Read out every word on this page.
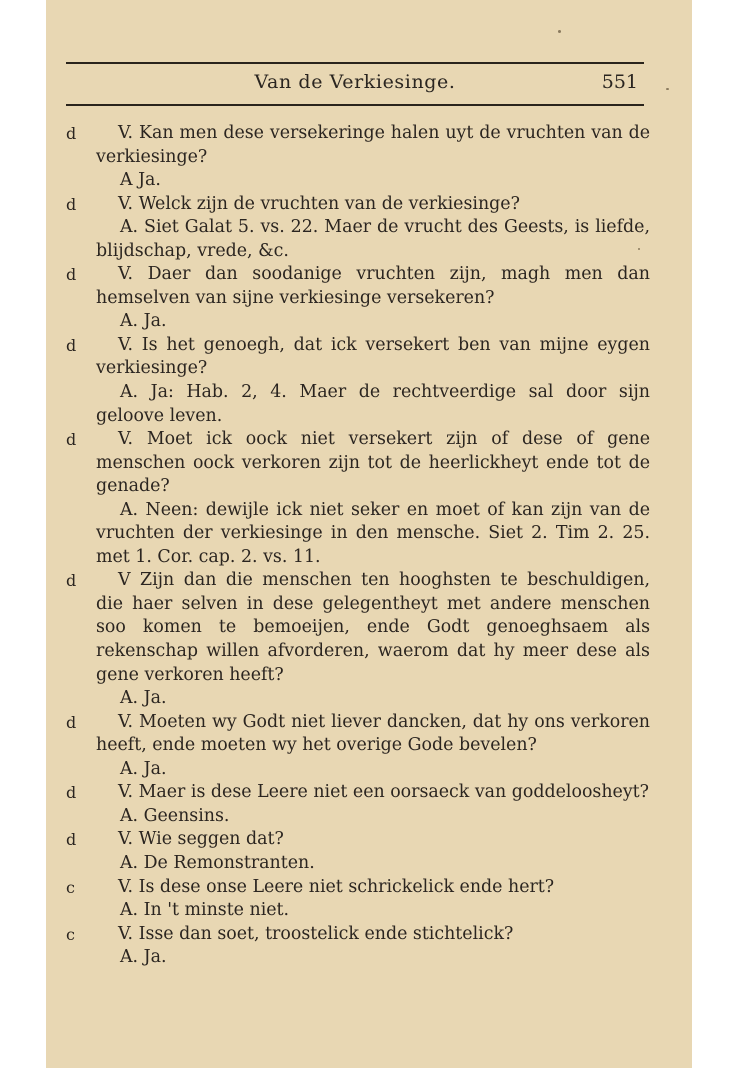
Van de Verkiesinge.	551
d	V. Kan men dese versekeringe halen uyt de vruchten van de verkiesinge?

A Ja.

d	V. Welck zijn de vruchten van de verkiesinge?

A. Siet Galat 5. vs. 22. Maer de vrucht des Geests, is liefde, blijdschap, vrede, &c.

d	V. Daer dan soodanige vruchten zijn, magh men dan hemselven van sijne verkiesinge versekeren?

A. Ja.

d	V. Is het genoegh, dat ick versekert ben van mijne eygen verkiesinge?

A. Ja: Hab. 2, 4. Maer de rechtveerdige sal door sijn geloove leven.

d	V. Moet ick oock niet versekert zijn of dese of gene menschen oock verkoren zijn tot de heerlickheyt ende tot de genade?

A. Neen: dewijle ick niet seker en moet of kan zijn van de vruchten der verkiesinge in den mensche. Siet 2. Tim 2. 25. met 1. Cor. cap. 2. vs. 11.

d	V Zijn dan die menschen ten hooghsten te beschuldigen, die haer selven in dese gelegentheyt met andere menschen soo komen te bemoeijen, ende Godt genoeghsaem als rekenschap willen afvorderen, waerom dat hy meer dese als gene verkoren heeft?

A. Ja.

d	V. Moeten wy Godt niet liever dancken, dat hy ons verkoren heeft, ende moeten wy het overige Gode bevelen?

A. Ja.

d	V. Maer is dese Leere niet een oorsaeck van goddeloosheyt?

A. Geensins.

d	V. Wie seggen dat?

A. De Remonstranten.

c	V. Is dese onse Leere niet schrickelick ende hert?

A. In 't minste niet.

c	V. Isse dan soet, troostelick ende stichtelick?

A. Ja.
